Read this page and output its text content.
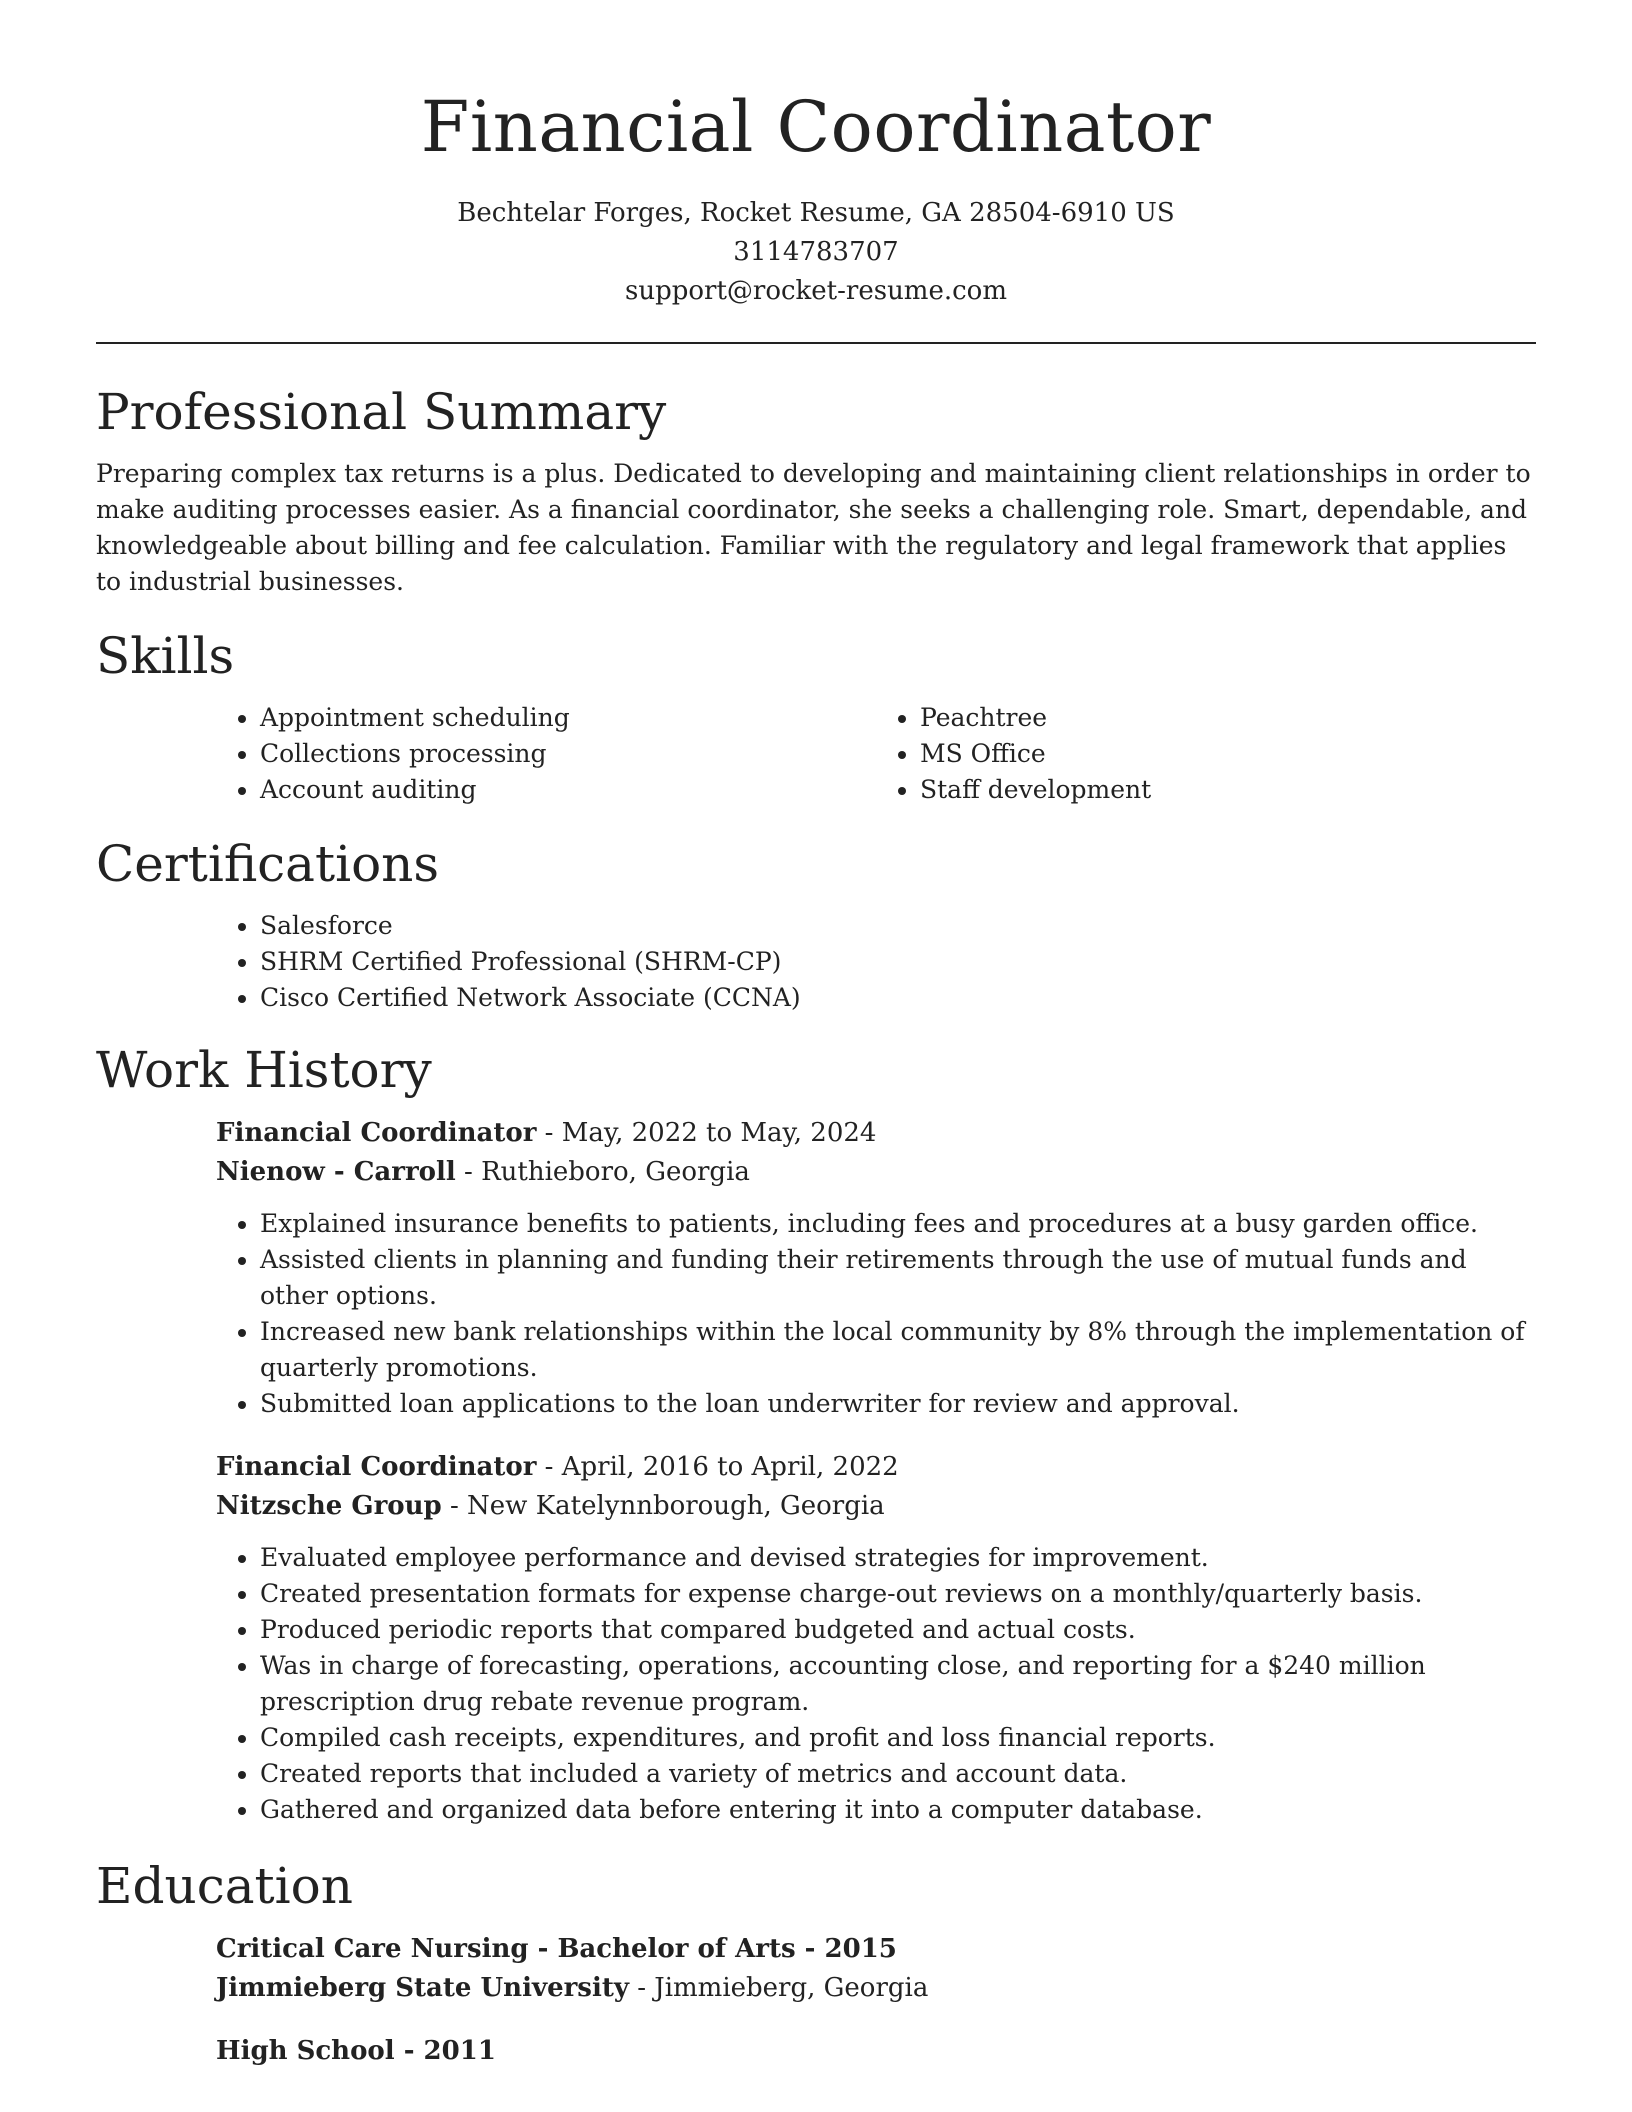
Financial Coordinator
Bechtelar Forges, Rocket Resume, GA 28504-6910 US
3114783707
support@rocket-resume.com
Professional Summary

Preparing complex tax returns is a plus. Dedicated to developing and maintaining client relationships in order to make auditing processes easier. As a financial coordinator, she seeks a challenging role. Smart, dependable, and knowledgeable about billing and fee calculation. Familiar with the regulatory and legal framework that applies to industrial businesses.

Skills
• Appointment scheduling
• Collections processing
• Account auditing
• Peachtree
• MS Office
• Staff development
Certifications
• Salesforce
• SHRM Certified Professional (SHRM-CP)
• Cisco Certified Network Associate (CCNA)
Work History
Financial Coordinator - May, 2022 to May, 2024
Nienow - Carroll - Ruthieboro, Georgia
• Explained insurance benefits to patients, including fees and procedures at a busy garden office.
• Assisted clients in planning and funding their retirements through the use of mutual funds and other options.
• Increased new bank relationships within the local community by 8% through the implementation of quarterly promotions.
• Submitted loan applications to the loan underwriter for review and approval.
Financial Coordinator - April, 2016 to April, 2022
Nitzsche Group - New Katelynnborough, Georgia
• Evaluated employee performance and devised strategies for improvement.
• Created presentation formats for expense charge-out reviews on a monthly/quarterly basis.
• Produced periodic reports that compared budgeted and actual costs.
• Was in charge of forecasting, operations, accounting close, and reporting for a $240 million prescription drug rebate revenue program.
• Compiled cash receipts, expenditures, and profit and loss financial reports.
• Created reports that included a variety of metrics and account data.
• Gathered and organized data before entering it into a computer database.
Education
Critical Care Nursing - Bachelor of Arts - 2015
Jimmieberg State University - Jimmieberg, Georgia
High School - 2011
